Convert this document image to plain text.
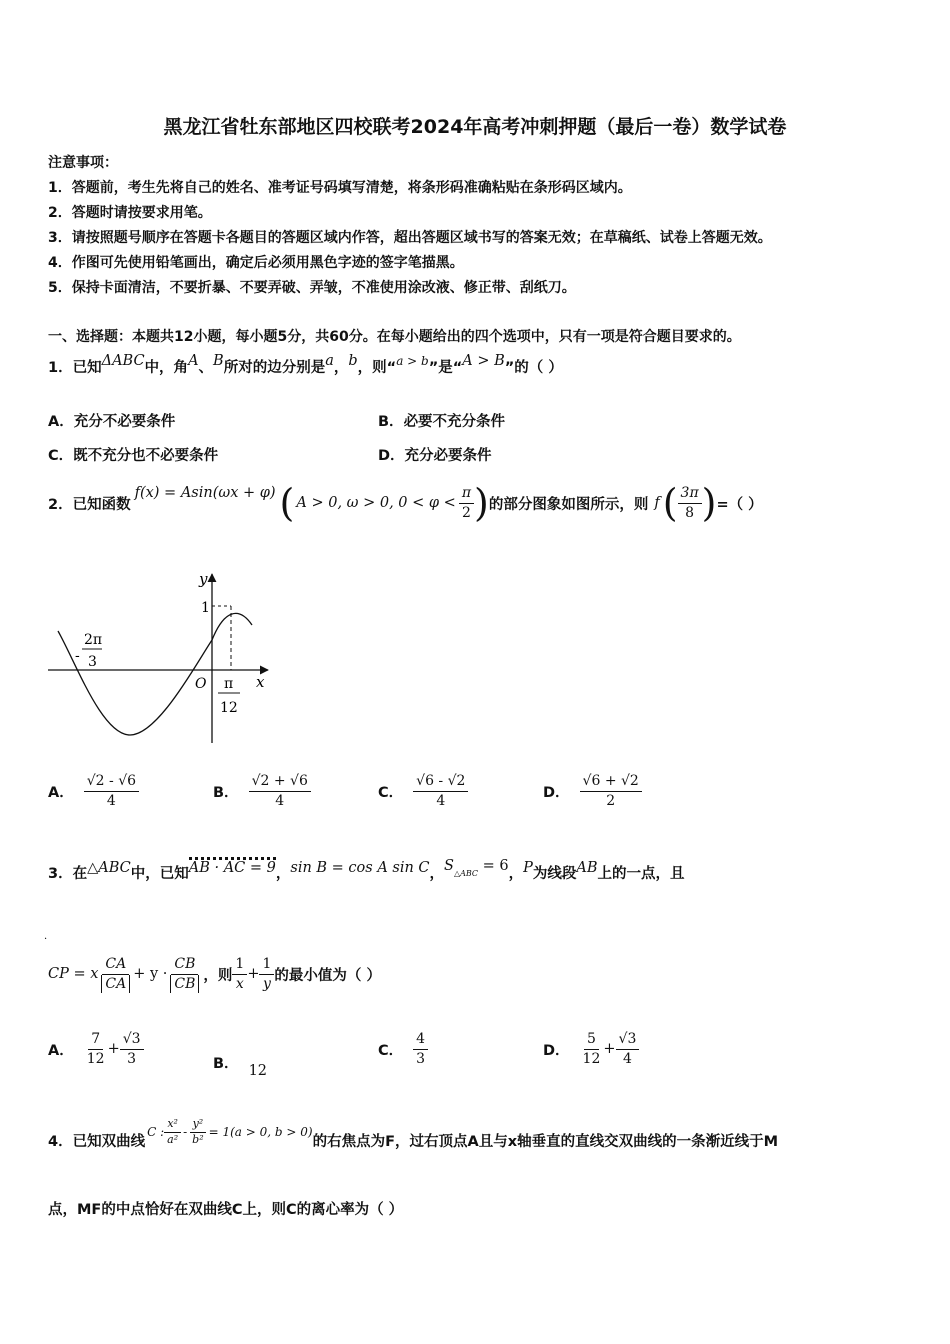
黑龙江省牡东部地区四校联考2024年高考冲刺押题（最后一卷）数学试卷
注意事项：
1．答题前，考生先将自己的姓名、准考证号码填写清楚，将条形码准确粘贴在条形码区域内。
2．答题时请按要求用笔。
3．请按照题号顺序在答题卡各题目的答题区域内作答，超出答题区域书写的答案无效；在草稿纸、试卷上答题无效。
4．作图可先使用铅笔画出，确定后必须用黑色字迹的签字笔描黑。
5．保持卡面清洁，不要折暴、不要弄破、弄皱，不准使用涂改液、修正带、刮纸刀。
一、选择题：本题共12小题，每小题5分，共60分。在每小题给出的四个选项中，只有一项是符合题目要求的。
1．已知ΔABC中，角A、B所对的边分别是a，b，则“$^{a > b}$”是“A > B”的（ ）
A．充分不必要条件	B．必要不充分条件
C．既不充分也不必要条件	D．充分必要条件
2．已知函数
f(x) = Asin(ωx + φ) ( A > 0, ω > 0, $0 < \varphi < \frac{\pi}{2}$ ) 的部分图象如图所示，则 f ( $\frac{3\pi}{8}$ ) =（ ）
y
x
O
1
-
2π
3
π
12
A． $\frac{√2 - √6}{4}$	B． $\frac{√2 + √6}{4}$	C． $\frac{√6 - √2}{4}$	D． $\frac{√6 + √2}{2}$
3．在△ABC中，已知AB · AC = 9，sin B = cos A sin C，S△ABC = 6，P为线段AB上的一点，且
·
CP = x $\frac{CA}{CA} + y \cdot \frac{CB}{CB}$ ，则 $\frac{1}{x} + \frac{1}{y}$ 的最小值为（ ）
A． $\frac{7}{12} + \frac{√3}{3}$	B． 12
C． $\frac{4}{3}$	D． $\frac{5}{12} + \frac{√3}{4}$
4．已知双曲线
C : $\frac{\text{x²}}{\text{a²}} - \frac{\text{y²}}{\text{b²}} = 1(a > 0$, b > 0)
的右焦点为F，过右顶点A且与x轴垂直的直线交双曲线的一条渐近线于M
点，MF的中点恰好在双曲线C上，则C的离心率为（ ）
